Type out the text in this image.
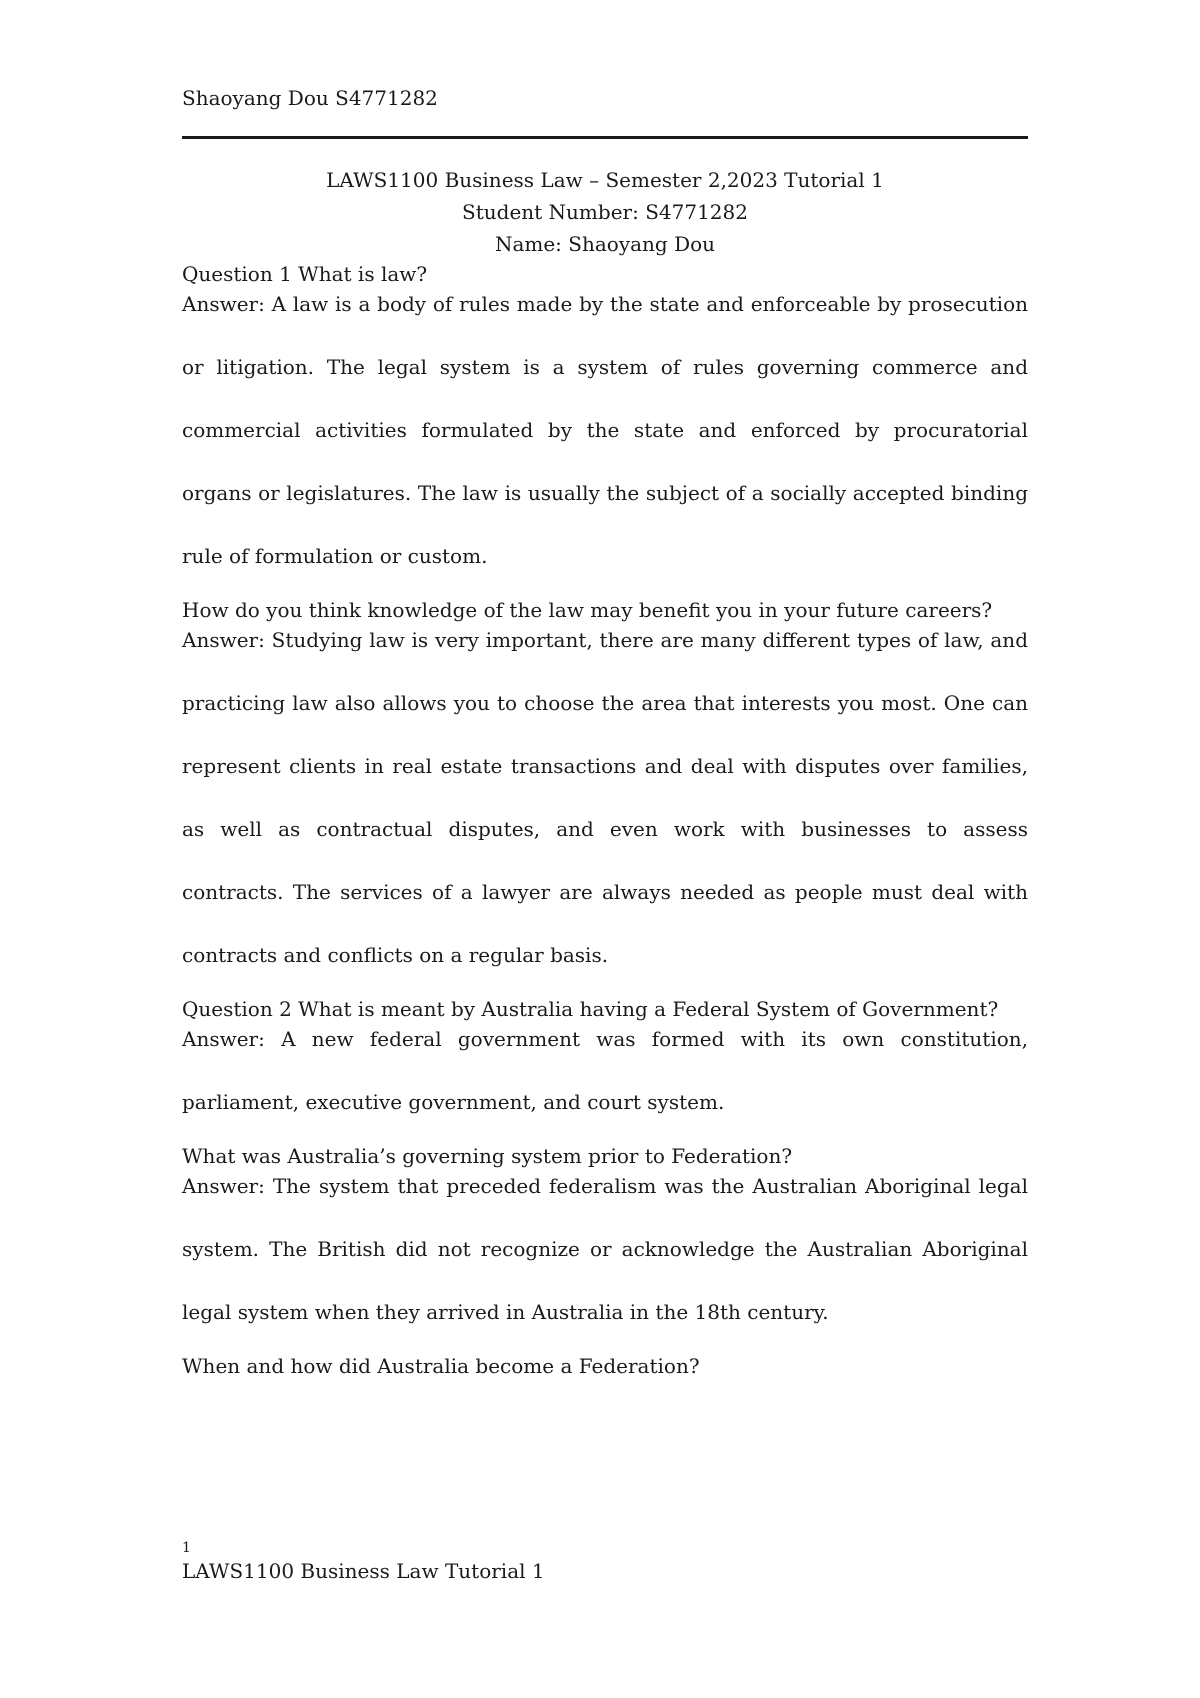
Shaoyang Dou S4771282
LAWS1100 Business Law – Semester 2,2023 Tutorial 1
Student Number: S4771282
Name: Shaoyang Dou
Question 1 What is law?
Answer: A law is a body of rules made by the state and enforceable by prosecution or litigation. The legal system is a system of rules governing commerce and commercial activities formulated by the state and enforced by procuratorial organs or legislatures. The law is usually the subject of a socially accepted binding rule of formulation or custom.
How do you think knowledge of the law may benefit you in your future careers?
Answer: Studying law is very important, there are many different types of law, and practicing law also allows you to choose the area that interests you most. One can represent clients in real estate transactions and deal with disputes over families, as well as contractual disputes, and even work with businesses to assess contracts. The services of a lawyer are always needed as people must deal with contracts and conflicts on a regular basis.
Question 2 What is meant by Australia having a Federal System of Government?
Answer: A new federal government was formed with its own constitution, parliament, executive government, and court system.
What was Australia’s governing system prior to Federation?
Answer: The system that preceded federalism was the Australian Aboriginal legal system. The British did not recognize or acknowledge the Australian Aboriginal legal system when they arrived in Australia in the 18th century.
When and how did Australia become a Federation?
1
LAWS1100 Business Law Tutorial 1
